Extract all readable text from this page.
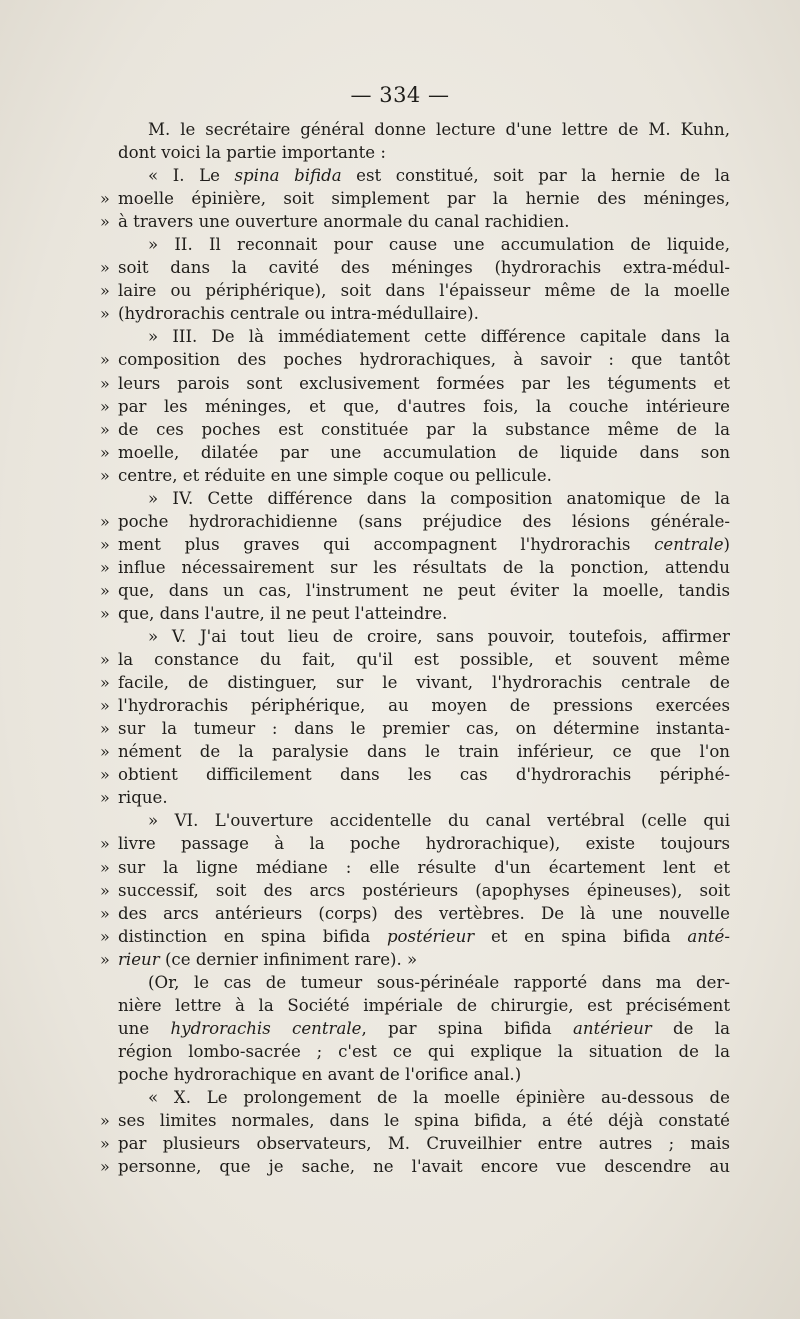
— 334 —
M. le secrétaire général donne lecture d'une lettre de M. Kuhn,
dont voici la partie importante :
« I. Le spina bifida est constitué, soit par la hernie de la
» moelle épinière, soit simplement par la hernie des méninges,
» à travers une ouverture anormale du canal rachidien.
» II. Il reconnait pour cause une accumulation de liquide,
» soit dans la cavité des méninges (hydrorachis extra-médul-
» laire ou périphérique), soit dans l'épaisseur même de la moelle
» (hydrorachis centrale ou intra-médullaire).
» III. De là immédiatement cette différence capitale dans la
» composition des poches hydrorachiques, à savoir : que tantôt
» leurs parois sont exclusivement formées par les téguments et
» par les méninges, et que, d'autres fois, la couche intérieure
» de ces poches est constituée par la substance même de la
» moelle, dilatée par une accumulation de liquide dans son
» centre, et réduite en une simple coque ou pellicule.
» IV. Cette différence dans la composition anatomique de la
» poche hydrorachidienne (sans préjudice des lésions générale-
» ment plus graves qui accompagnent l'hydrorachis centrale)
» influe nécessairement sur les résultats de la ponction, attendu
» que, dans un cas, l'instrument ne peut éviter la moelle, tandis
» que, dans l'autre, il ne peut l'atteindre.
» V. J'ai tout lieu de croire, sans pouvoir, toutefois, affirmer
» la constance du fait, qu'il est possible, et souvent même
» facile, de distinguer, sur le vivant, l'hydrorachis centrale de
» l'hydrorachis périphérique, au moyen de pressions exercées
» sur la tumeur : dans le premier cas, on détermine instanta-
» nément de la paralysie dans le train inférieur, ce que l'on
» obtient difficilement dans les cas d'hydrorachis périphé-
» rique.
» VI. L'ouverture accidentelle du canal vertébral (celle qui
» livre passage à la poche hydrorachique), existe toujours
» sur la ligne médiane : elle résulte d'un écartement lent et
» successif, soit des arcs postérieurs (apophyses épineuses), soit
» des arcs antérieurs (corps) des vertèbres. De là une nouvelle
» distinction en spina bifida postérieur et en spina bifida anté-
» rieur (ce dernier infiniment rare). »
(Or, le cas de tumeur sous-périnéale rapporté dans ma der-
nière lettre à la Société impériale de chirurgie, est précisément
une hydrorachis centrale, par spina bifida antérieur de la
région lombo-sacrée ; c'est ce qui explique la situation de la
poche hydrorachique en avant de l'orifice anal.)
« X. Le prolongement de la moelle épinière au-dessous de
» ses limites normales, dans le spina bifida, a été déjà constaté
» par plusieurs observateurs, M. Cruveilhier entre autres ; mais
» personne, que je sache, ne l'avait encore vue descendre au
